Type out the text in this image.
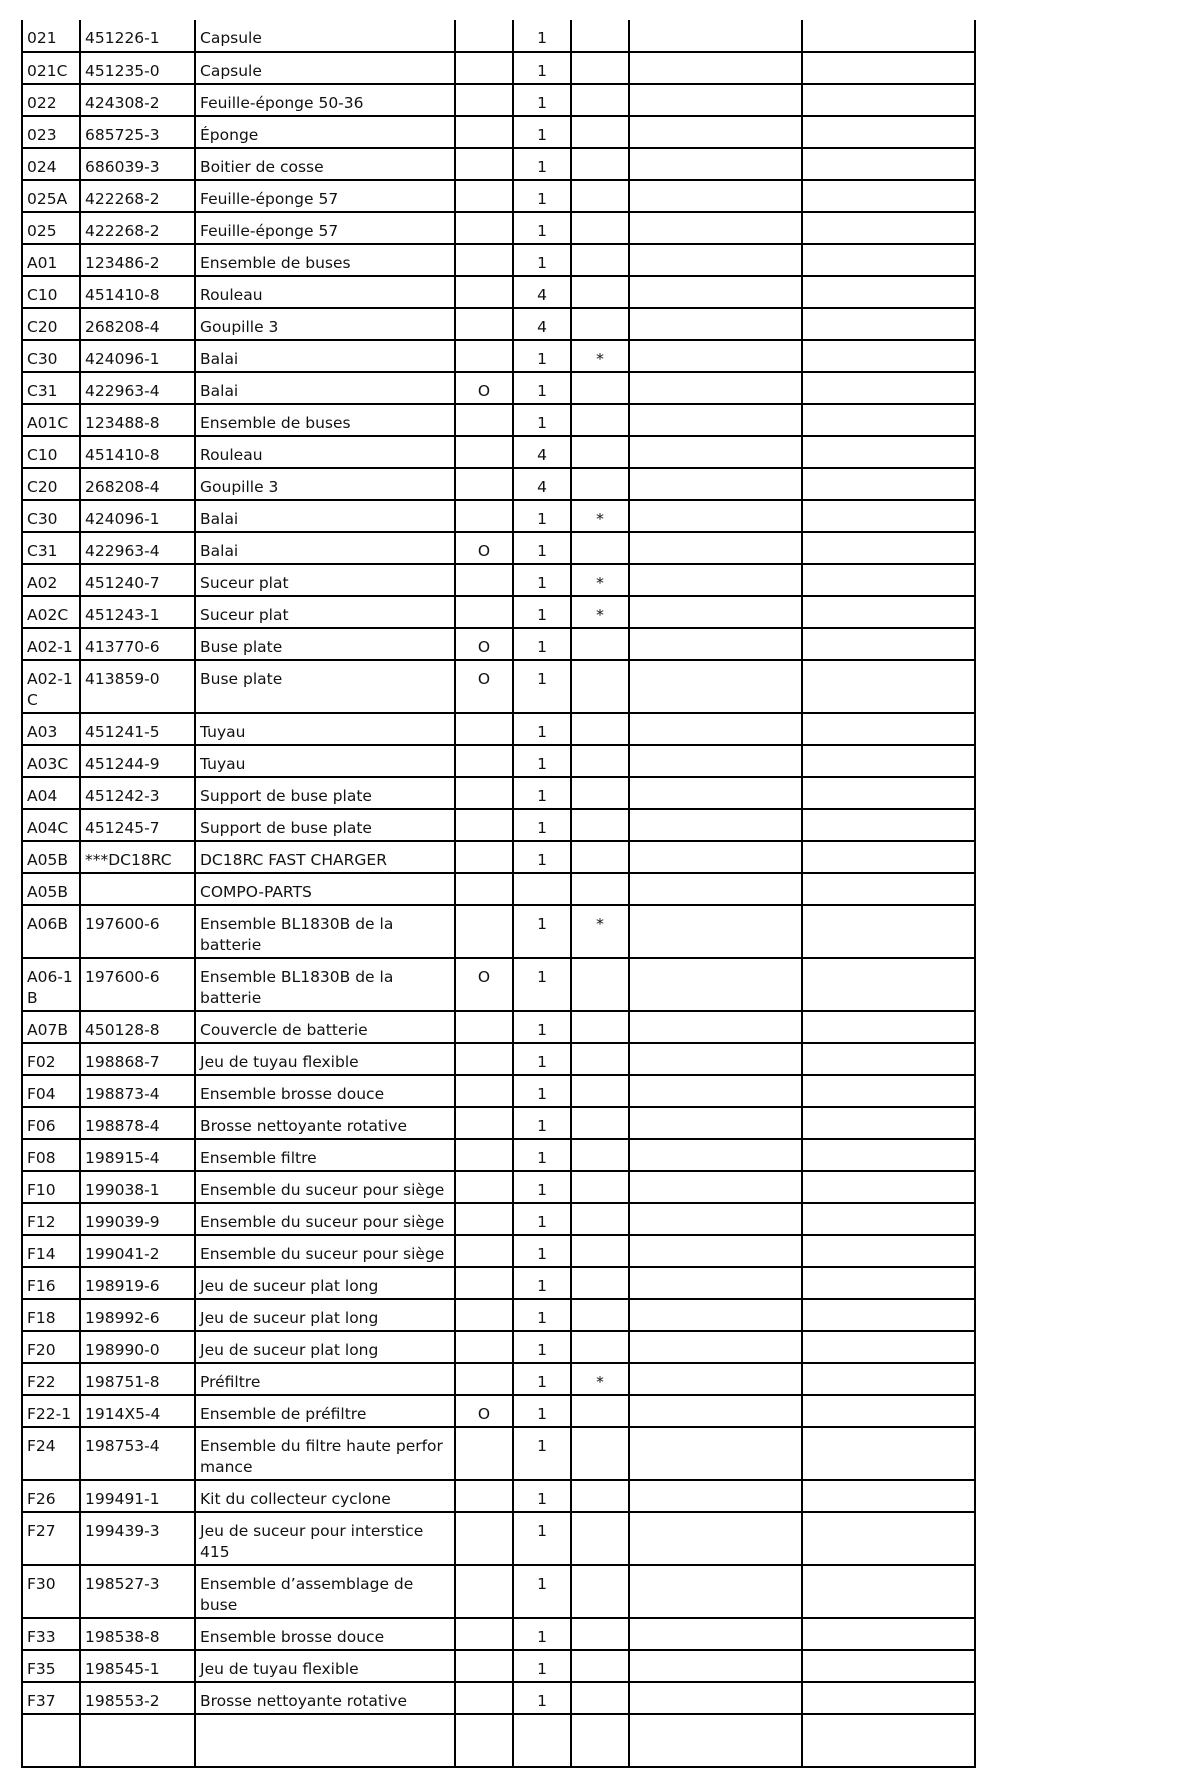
021	451226-1	Capsule		1			
021C	451235-0	Capsule		1			
022	424308-2	Feuille-éponge 50-36		1			
023	685725-3	Éponge		1			
024	686039-3	Boitier de cosse		1			
025A	422268-2	Feuille-éponge 57		1			
025	422268-2	Feuille-éponge 57		1			
A01	123486-2	Ensemble de buses		1			
C10	451410-8	Rouleau		4			
C20	268208-4	Goupille 3		4			
C30	424096-1	Balai		1	*		
C31	422963-4	Balai	O	1			
A01C	123488-8	Ensemble de buses		1			
C10	451410-8	Rouleau		4			
C20	268208-4	Goupille 3		4			
C30	424096-1	Balai		1	*		
C31	422963-4	Balai	O	1			
A02	451240-7	Suceur plat		1	*		
A02C	451243-1	Suceur plat		1	*		
A02-1	413770-6	Buse plate	O	1			
A02-1C	413859-0	Buse plate	O	1			
A03	451241-5	Tuyau		1			
A03C	451244-9	Tuyau		1			
A04	451242-3	Support de buse plate		1			
A04C	451245-7	Support de buse plate		1			
A05B	***DC18RC	DC18RC FAST CHARGER		1			
A05B		COMPO-PARTS					
A06B	197600-6	Ensemble BL1830B de la batterie		1	*		
A06-1B	197600-6	Ensemble BL1830B de la batterie	O	1			
A07B	450128-8	Couvercle de batterie		1			
F02	198868-7	Jeu de tuyau flexible		1			
F04	198873-4	Ensemble brosse douce		1			
F06	198878-4	Brosse nettoyante rotative		1			
F08	198915-4	Ensemble filtre		1			
F10	199038-1	Ensemble du suceur pour siège		1			
F12	199039-9	Ensemble du suceur pour siège		1			
F14	199041-2	Ensemble du suceur pour siège		1			
F16	198919-6	Jeu de suceur plat long		1			
F18	198992-6	Jeu de suceur plat long		1			
F20	198990-0	Jeu de suceur plat long		1			
F22	198751-8	Préfiltre		1	*		
F22-1	1914X5-4	Ensemble de préfiltre	O	1			
F24	198753-4	Ensemble du filtre haute perfor mance		1			
F26	199491-1	Kit du collecteur cyclone		1			
F27	199439-3	Jeu de suceur pour interstice 415		1			
F30	198527-3	Ensemble d’assemblage de buse		1			
F33	198538-8	Ensemble brosse douce		1			
F35	198545-1	Jeu de tuyau flexible		1			
F37	198553-2	Brosse nettoyante rotative		1			
